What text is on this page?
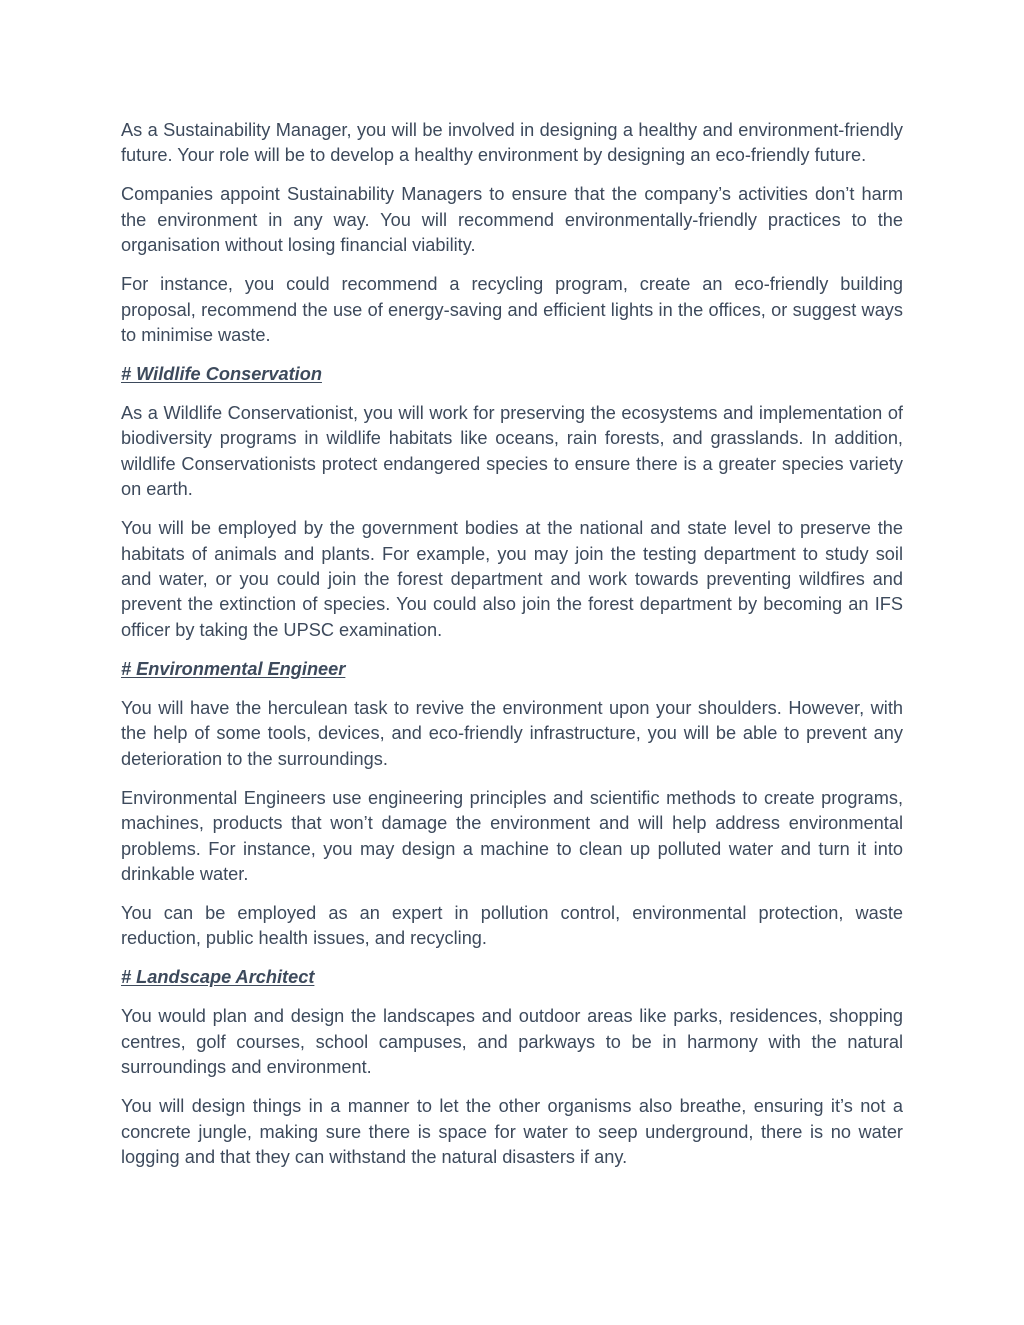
As a Sustainability Manager, you will be involved in designing a healthy and environment-friendly future. Your role will be to develop a healthy environment by designing an eco-friendly future.

Companies appoint Sustainability Managers to ensure that the company’s activities don’t harm the environment in any way. You will recommend environmentally-friendly practices to the organisation without losing financial viability.

For instance, you could recommend a recycling program, create an eco-friendly building proposal, recommend the use of energy-saving and efficient lights in the offices, or suggest ways to minimise waste.

# Wildlife Conservation

As a Wildlife Conservationist, you will work for preserving the ecosystems and implementation of biodiversity programs in wildlife habitats like oceans, rain forests, and grasslands. In addition, wildlife Conservationists protect endangered species to ensure there is a greater species variety on earth.

You will be employed by the government bodies at the national and state level to preserve the habitats of animals and plants. For example, you may join the testing department to study soil and water, or you could join the forest department and work towards preventing wildfires and prevent the extinction of species. You could also join the forest department by becoming an IFS officer by taking the UPSC examination.

# Environmental Engineer

You will have the herculean task to revive the environment upon your shoulders. However, with the help of some tools, devices, and eco-friendly infrastructure, you will be able to prevent any deterioration to the surroundings.

Environmental Engineers use engineering principles and scientific methods to create programs, machines, products that won’t damage the environment and will help address environmental problems. For instance, you may design a machine to clean up polluted water and turn it into drinkable water.

You can be employed as an expert in pollution control, environmental protection, waste reduction, public health issues, and recycling.

# Landscape Architect

You would plan and design the landscapes and outdoor areas like parks, residences, shopping centres, golf courses, school campuses, and parkways to be in harmony with the natural surroundings and environment.

You will design things in a manner to let the other organisms also breathe, ensuring it’s not a concrete jungle, making sure there is space for water to seep underground, there is no water logging and that they can withstand the natural disasters if any.
